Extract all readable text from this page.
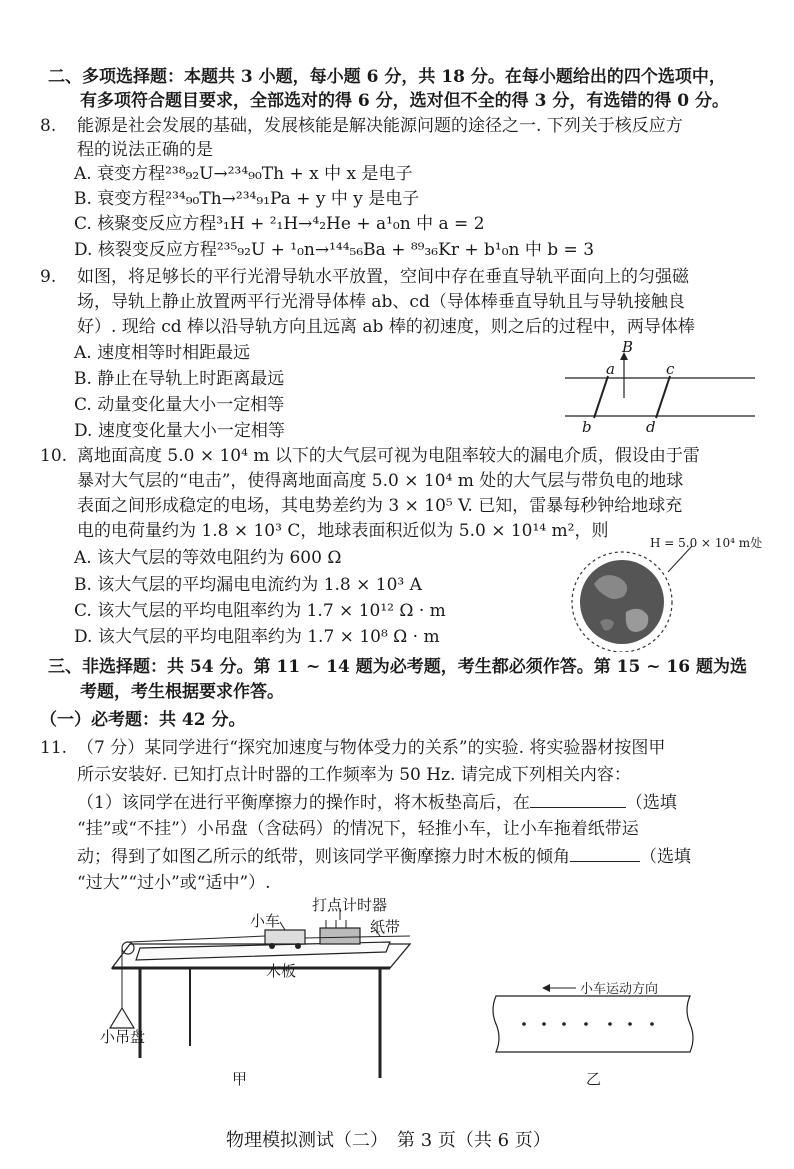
二、多项选择题：本题共 3 小题，每小题 6 分，共 18 分。在每小题给出的四个选项中，
有多项符合题目要求，全部选对的得 6 分，选对但不全的得 3 分，有选错的得 0 分。
8. 能源是社会发展的基础，发展核能是解决能源问题的途径之一. 下列关于核反应方
程的说法正确的是
A. 衰变方程²³⁸₉₂U→²³⁴₉₀Th + x 中 x 是电子
B. 衰变方程²³⁴₉₀Th→²³⁴₉₁Pa + y 中 y 是电子
C. 核聚变反应方程³₁H + ²₁H→⁴₂He + a¹₀n 中 a = 2
D. 核裂变反应方程²³⁵₉₂U + ¹₀n→¹⁴⁴₅₆Ba + ⁸⁹₃₆Kr + b¹₀n 中 b = 3
9. 如图，将足够长的平行光滑导轨水平放置，空间中存在垂直导轨平面向上的匀强磁
场，导轨上静止放置两平行光滑导体棒 ab、cd（导体棒垂直导轨且与导轨接触良
好）. 现给 cd 棒以沿导轨方向且远离 ab 棒的初速度，则之后的过程中，两导体棒
A. 速度相等时相距最远
B. 静止在导轨上时距离最远
C. 动量变化量大小一定相等
D. 速度变化量大小一定相等
B
a
b
c
d
10. 离地面高度 5.0 × 10⁴ m 以下的大气层可视为电阻率较大的漏电介质，假设由于雷
暴对大气层的“电击”，使得离地面高度 5.0 × 10⁴ m 处的大气层与带负电的地球
表面之间形成稳定的电场，其电势差约为 3 × 10⁵ V. 已知，雷暴每秒钟给地球充
电的电荷量约为 1.8 × 10³ C，地球表面积近似为 5.0 × 10¹⁴ m²，则
A. 该大气层的等效电阻约为 600 Ω
B. 该大气层的平均漏电电流约为 1.8 × 10³ A
C. 该大气层的平均电阻率约为 1.7 × 10¹² Ω · m
D. 该大气层的平均电阻率约为 1.7 × 10⁸ Ω · m
H = 5.0 × 10⁴ m处
三、非选择题：共 54 分。第 11 ~ 14 题为必考题，考生都必须作答。第 15 ~ 16 题为选
考题，考生根据要求作答。
（一）必考题：共 42 分。
11. （7 分）某同学进行“探究加速度与物体受力的关系”的实验. 将实验器材按图甲
所示安装好. 已知打点计时器的工作频率为 50 Hz. 请完成下列相关内容：
（1）该同学在进行平衡摩擦力的操作时，将木板垫高后，在	（选填
“挂”或“不挂”）小吊盘（含砝码）的情况下，轻推小车，让小车拖着纸带运
动；得到了如图乙所示的纸带，则该同学平衡摩擦力时木板的倾角	（选填
“过大”“过小”或“适中”）.
小车
打点计时器
纸带
木板
小吊盘
甲
小车运动方向
乙
物理模拟测试（二）　第 3 页（共 6 页）
